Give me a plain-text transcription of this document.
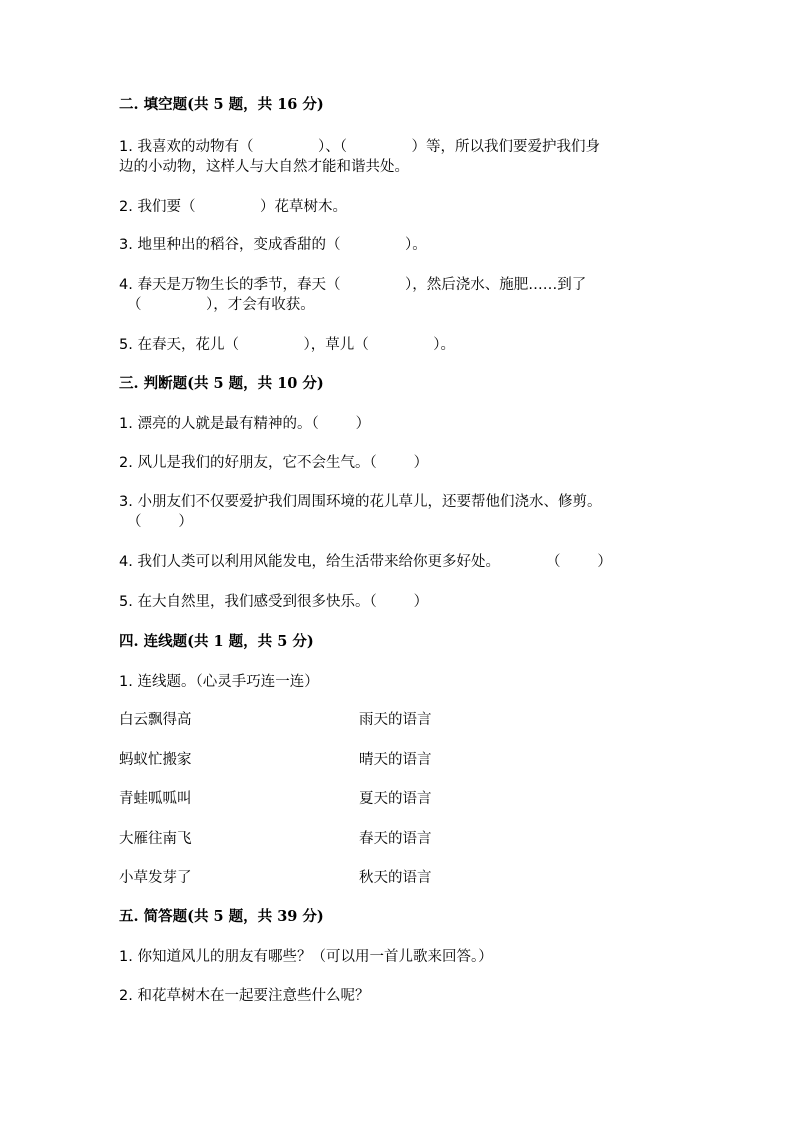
二. 填空题(共 5 题，共 16 分)
1. 我喜欢的动物有（              ）、（              ）等，所以我们要爱护我们身
边的小动物，这样人与大自然才能和谐共处。
2. 我们要（              ）花草树木。
3. 地里种出的稻谷，变成香甜的（              ）。
4. 春天是万物生长的季节，春天（              ），然后浇水、施肥……到了
（              ），才会有收获。
5. 在春天，花儿（              ），草儿（              ）。
三. 判断题(共 5 题，共 10 分)
1. 漂亮的人就是最有精神的。（        ）
2. 风儿是我们的好朋友，它不会生气。（        ）
3. 小朋友们不仅要爱护我们周围环境的花儿草儿，还要帮他们浇水、修剪。
（        ）
4. 我们人类可以利用风能发电，给生活带来给你更多好处。          （        ）
5. 在大自然里，我们感受到很多快乐。（        ）
四. 连线题(共 1 题，共 5 分)
1. 连线题。（心灵手巧连一连）
白云飘得高	雨天的语言
蚂蚁忙搬家	晴天的语言
青蛙呱呱叫	夏天的语言
大雁往南飞	春天的语言
小草发芽了	秋天的语言
五. 简答题(共 5 题，共 39 分)
1. 你知道风儿的朋友有哪些？（可以用一首儿歌来回答。）
2. 和花草树木在一起要注意些什么呢？
